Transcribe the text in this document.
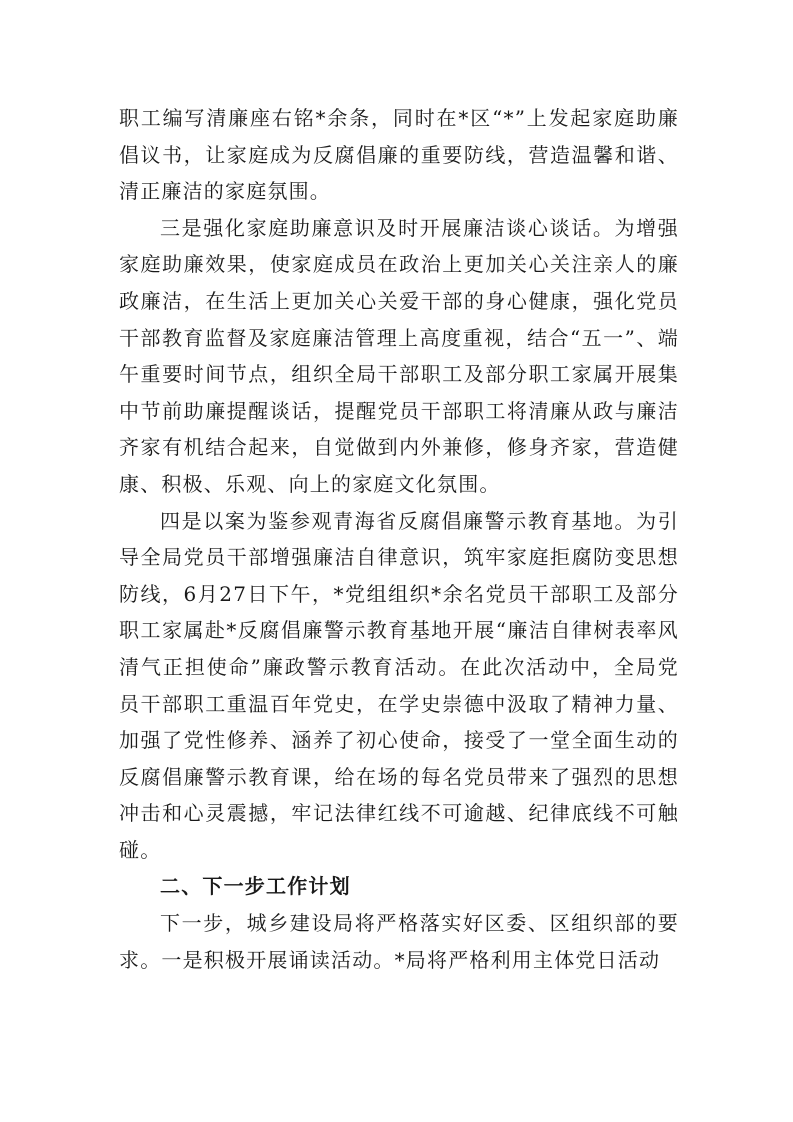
职工编写清廉座右铭*余条，同时在*区“*”上发起家庭助廉倡议书，让家庭成为反腐倡廉的重要防线，营造温馨和谐、清正廉洁的家庭氛围。

三是强化家庭助廉意识及时开展廉洁谈心谈话。为增强家庭助廉效果，使家庭成员在政治上更加关心关注亲人的廉政廉洁，在生活上更加关心关爱干部的身心健康，强化党员干部教育监督及家庭廉洁管理上高度重视，结合“五一”、端午重要时间节点，组织全局干部职工及部分职工家属开展集中节前助廉提醒谈话，提醒党员干部职工将清廉从政与廉洁齐家有机结合起来，自觉做到内外兼修，修身齐家，营造健康、积极、乐观、向上的家庭文化氛围。

四是以案为鉴参观青海省反腐倡廉警示教育基地。为引导全局党员干部增强廉洁自律意识，筑牢家庭拒腐防变思想防线，6月27日下午，*党组组织*余名党员干部职工及部分职工家属赴*反腐倡廉警示教育基地开展“廉洁自律树表率风清气正担使命”廉政警示教育活动。在此次活动中，全局党员干部职工重温百年党史，在学史崇德中汲取了精神力量、加强了党性修养、涵养了初心使命，接受了一堂全面生动的反腐倡廉警示教育课，给在场的每名党员带来了强烈的思想冲击和心灵震撼，牢记法律红线不可逾越、纪律底线不可触碰。

二、下一步工作计划

下一步，城乡建设局将严格落实好区委、区组织部的要求。一是积极开展诵读活动。*局将严格利用主体党日活动
